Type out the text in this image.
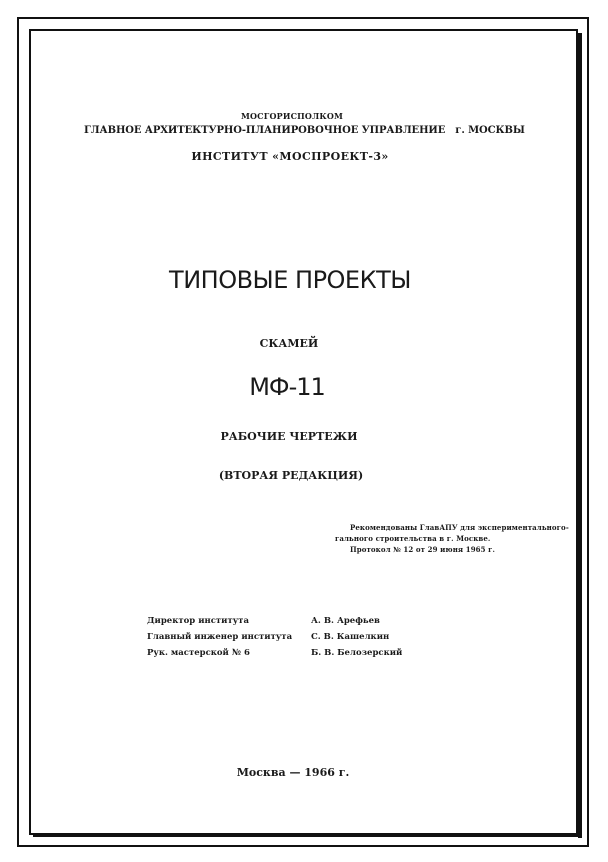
МОСГОРИСПОЛКОМ
ГЛАВНОЕ АРХИТЕКТУРНО-ПЛАНИРОВОЧНОЕ УПРАВЛЕНИЕ г. МОСКВЫ
ИНСТИТУТ «МОСПРОЕКТ-3»
ТИПОВЫЕ ПРОЕКТЫ
СКАМЕЙ
МФ-11
РАБОЧИЕ ЧЕРТЕЖИ
(ВТОРАЯ РЕДАКЦИЯ)
Рекомендованы ГлавАПУ для экспериментального-
гального строительства в г. Москве.
Протокол № 12 от 29 июня 1965 г.
Директор института	А. В. Арефьев
Главный инженер института С. В. Кашелкин
Рук. мастерской № 6	Б. В. Белозерский
Москва — 1966 г.
